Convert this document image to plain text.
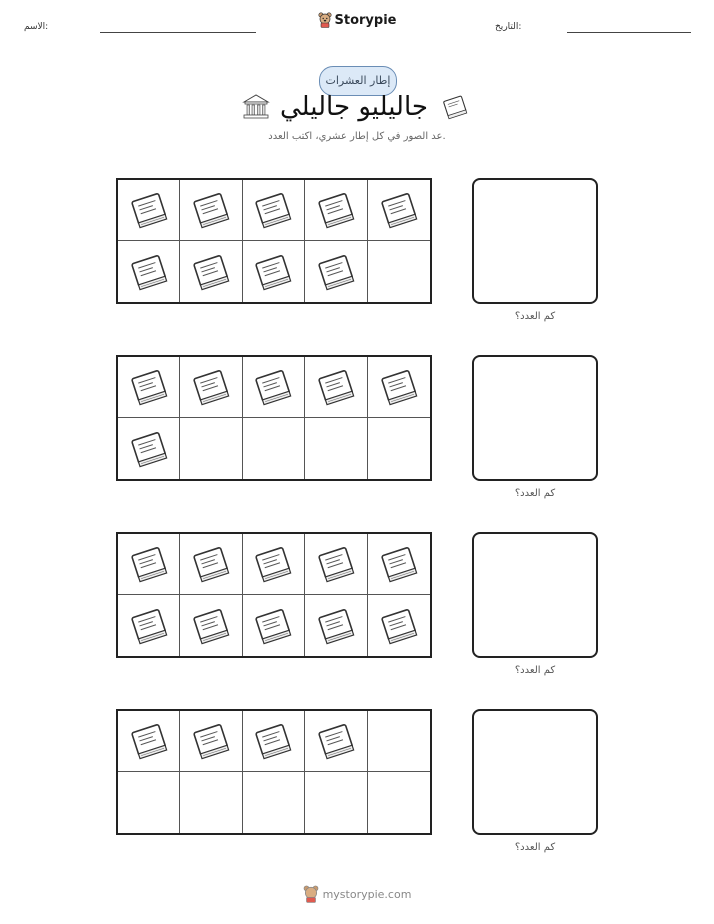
الاسم:	التاريخ:
Storypie
إطار العشرات
جاليليو جاليلي
عد الصور في كل إطار عشري، اكتب العدد.
كم العدد؟
كم العدد؟
كم العدد؟
كم العدد؟
mystorypie.com
